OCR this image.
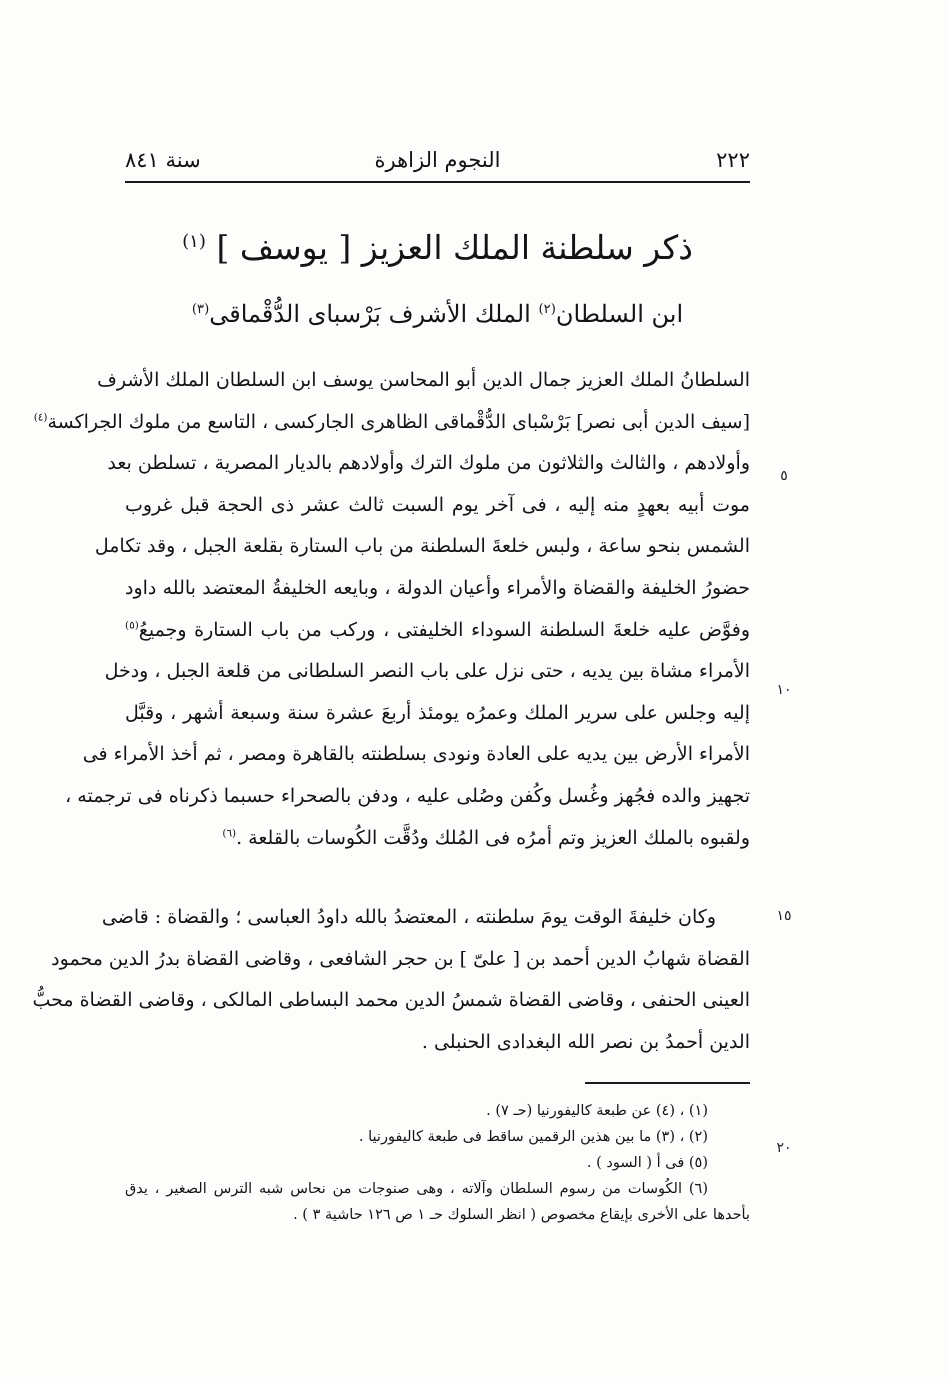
٢٢٢
النجوم الزاهرة
سنة ٨٤١
ذكر سلطنة الملك العزيز [ يوسف ] $^{(١)}$
ابن السلطان$^{(٢)}$ الملك الأشرف بَرْسباى الدُّقْماقى$^{(٣)}$
السلطانُ الملك العزيز جمال الدين أبو المحاسن يوسف ابن السلطان الملك الأشرف
[سيف الدين أبى نصر] بَرْسْباى الدُّقْماقى الظاهرى الجاركسى ، التاسع من ملوك الجراكسة$^{(٤)}$
وأولادهم ، والثالث والثلاثون من ملوك الترك وأولادهم بالديار المصرية ، تسلطن بعد
موت أبيه بعهدٍ منه إليه ، فى آخر يوم السبت ثالث عشر ذى الحجة قبل غروب
الشمس بنحو ساعة ، ولبس خلعةَ السلطنة من باب الستارة بقلعة الجبل ، وقد تكامل
حضورُ الخليفة والقضاة والأمراء وأعيان الدولة ، وبايعه الخليفةُ المعتضد بالله داود
وفوَّض عليه خلعةَ السلطنة السوداء الخليفتى ، وركب من باب الستارة وجميعُ$^{(٥)}$
الأمراء مشاة بين يديه ، حتى نزل على باب النصر السلطانى من قلعة الجبل ، ودخل
إليه وجلس على سرير الملك وعمرُه يومئذ أربعَ عشرة سنة وسبعة أشهر ، وقبَّل
الأمراء الأرض بين يديه على العادة ونودى بسلطنته بالقاهرة ومصر ، ثم أخذ الأمراء فى
تجهيز والده فجُهز وغُسل وكُفن وصُلى عليه ، ودفن بالصحراء حسبما ذكرناه فى ترجمته ،
ولقبوه بالملك العزيز وتم أمرُه فى المُلك ودُقَّت الكُوسات بالقلعة .$^{(٦)}$
وكان خليفةَ الوقت يومَ سلطنته ، المعتضدُ بالله داودُ العباسى ؛ والقضاة : قاضى
القضاة شهابُ الدين أحمد بن [ علىّ ] بن حجر الشافعى ، وقاضى القضاة بدرُ الدين محمود
العينى الحنفى ، وقاضى القضاة شمسُ الدين محمد البساطى المالكى ، وقاضى القضاة محبُّ
الدين أحمدُ بن نصر الله البغدادى الحنبلى .
٥
١٠
١٥
٢٠
(١) ، (٤) عن طبعة كاليفورنيا (حـ ٧) .
(٢) ، (٣) ما بين هذين الرقمين ساقط فى طبعة كاليفورنيا .
(٥) فى أ ( السود ) .
(٦) الكُوسات من رسوم السلطان وآلاته ، وهى صنوجات من نحاس شبه الترس الصغير ، يدق
بأحدها على الأخرى بإيقاع مخصوص ( انظر السلوك حـ ١ ص ١٢٦ حاشية ٣ ) .
